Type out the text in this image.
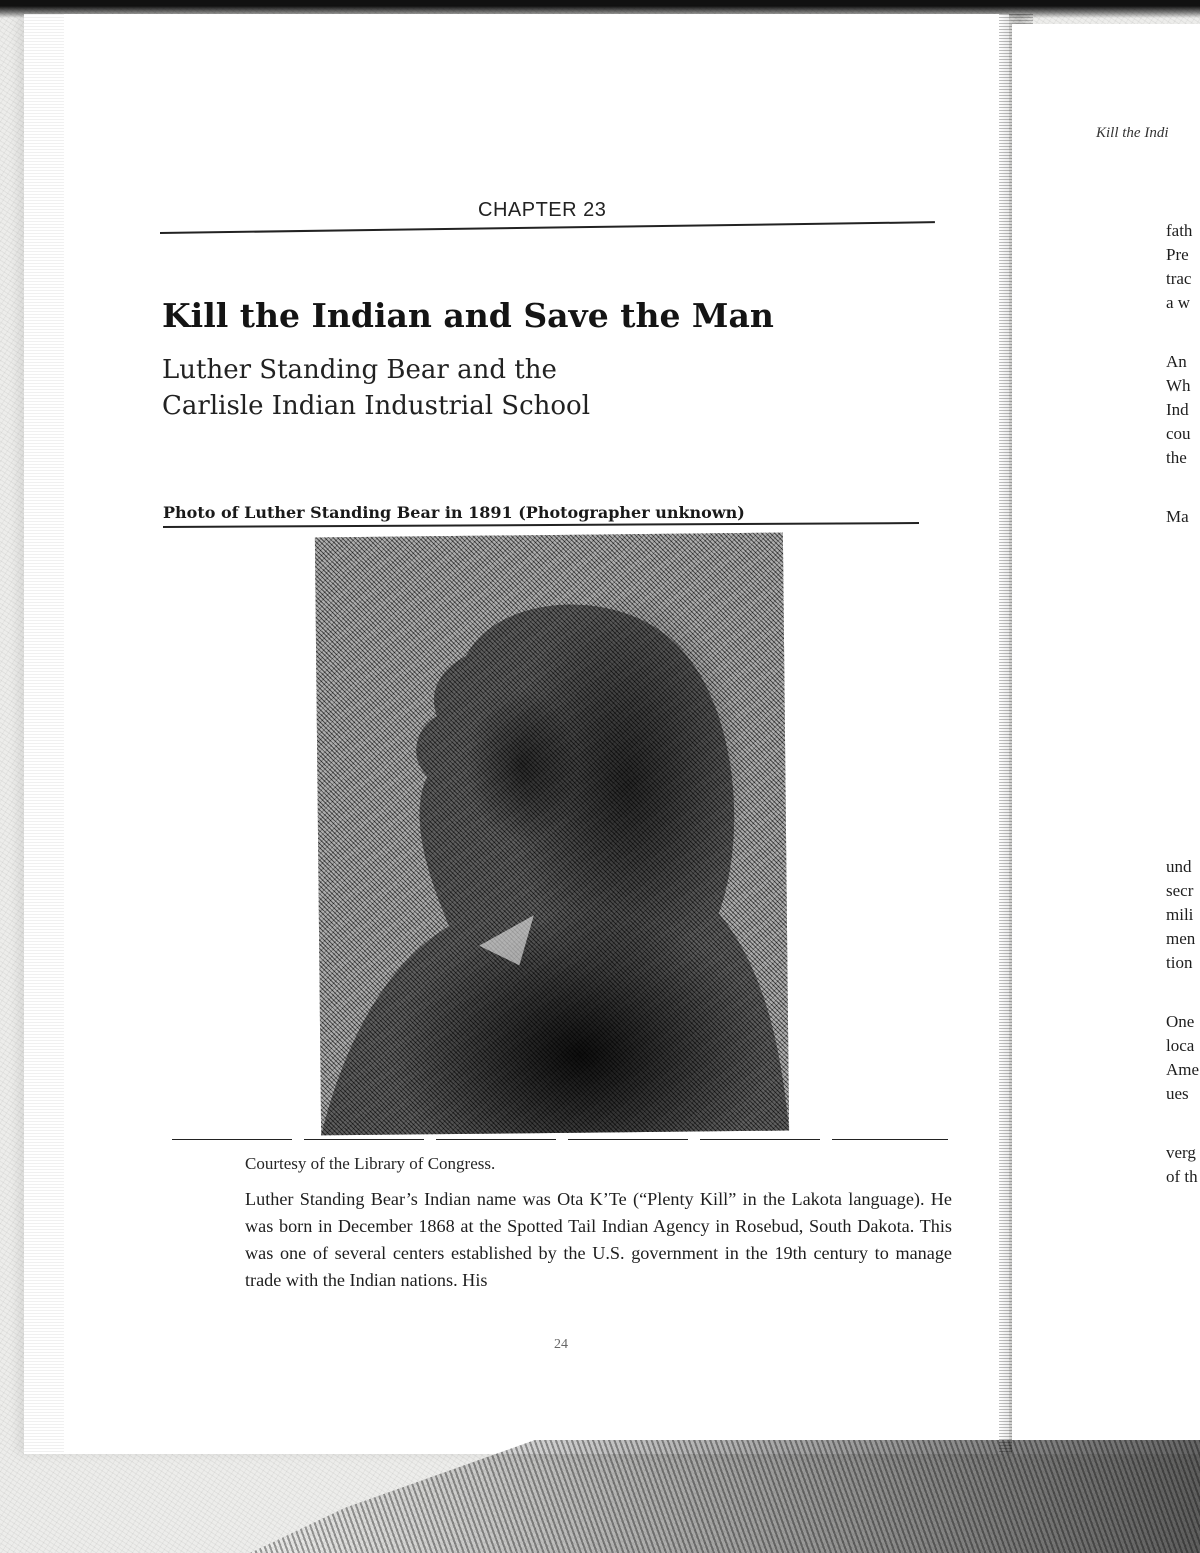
Kill the Indi
fath
Pre
trac
a w
An
Wh
Ind
cou
the
Ma
und
secr
mili
men
tion
One
loca
Ame
ues
verg
of th
CHAPTER 23
Kill the Indian and Save the Man
Luther Standing Bear and the
Carlisle Indian Industrial School
Photo of Luther Standing Bear in 1891 (Photographer unknown)
Courtesy of the Library of Congress.
Luther Standing Bear’s Indian name was Ota K’Te (“Plenty Kill” in the Lakota language). He was born in December 1868 at the Spotted Tail Indian Agency in Rosebud, South Dakota. This was one of several centers established by the U.S. government in the 19th century to manage trade with the Indian nations. His
24
